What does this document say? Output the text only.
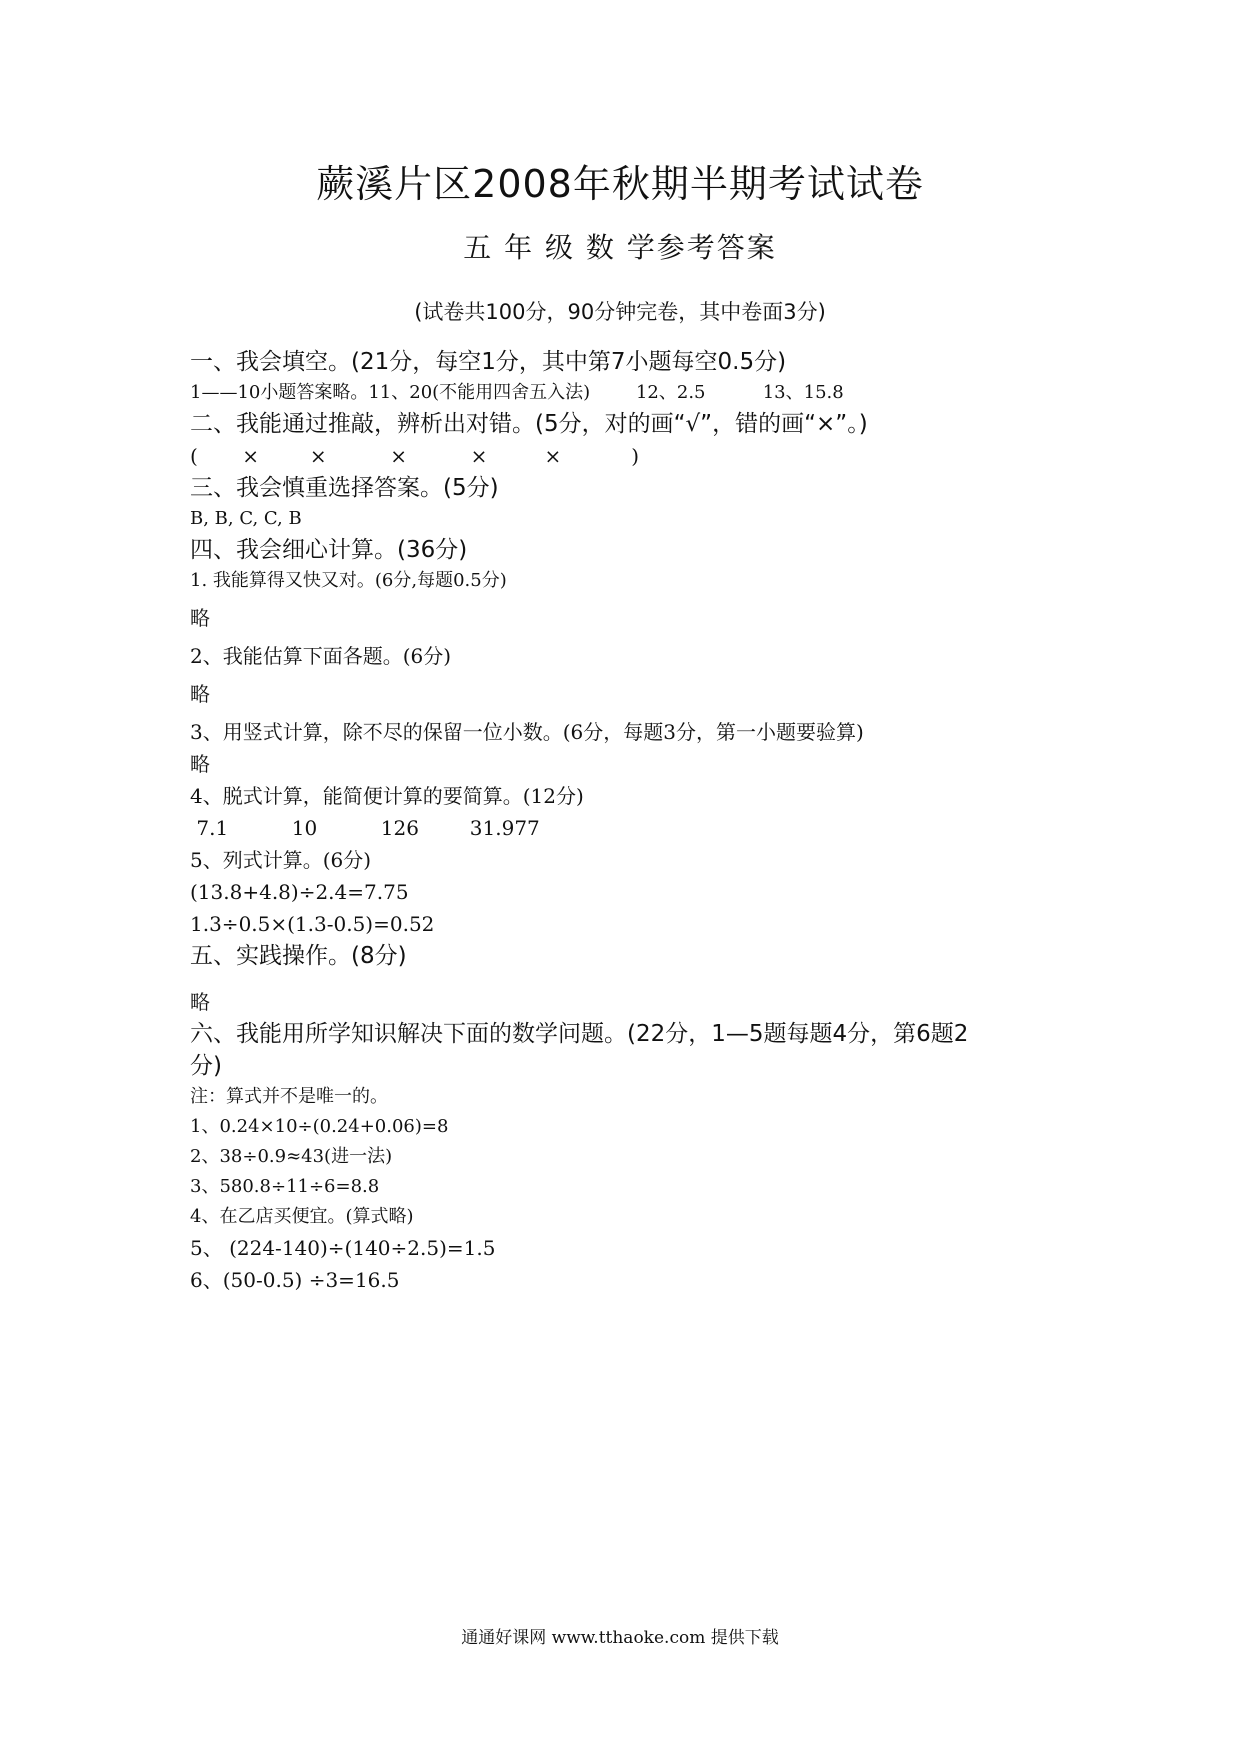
蕨溪片区2008年秋期半期考试试卷
五 年 级 数 学参考答案
(试卷共100分，90分钟完卷，其中卷面3分)

一、我会填空。(21分，每空1分，其中第7小题每空0.5分)

1——10小题答案略。11、20(不能用四舍五入法)        12、2.5          13、15.8

二、我能通过推敲，辨析出对错。(5分，对的画“√”，错的画“×”。)

(       ×        ×          ×          ×         ×           )

三、我会慎重选择答案。(5分)

B, B, C, C, B

四、我会细心计算。(36分)

1. 我能算得又快又对。(6分,每题0.5分)

略

2、我能估算下面各题。(6分)

略

3、用竖式计算，除不尽的保留一位小数。(6分，每题3分，第一小题要验算)

略

4、脱式计算，能简便计算的要简算。(12分)

7.1          10          126        31.977

5、列式计算。(6分)

(13.8+4.8)÷2.4=7.75

1.3÷0.5×(1.3-0.5)=0.52

五、实践操作。(8分)

略

六、我能用所学知识解决下面的数学问题。(22分，1—5题每题4分，第6题2

分)

注：算式并不是唯一的。

1、0.24×10÷(0.24+0.06)=8

2、38÷0.9≈43(进一法)

3、580.8÷11÷6=8.8

4、在乙店买便宜。(算式略)

5、 (224-140)÷(140÷2.5)=1.5

6、(50-0.5) ÷3=16.5

通通好课网 www.tthaoke.com 提供下载
